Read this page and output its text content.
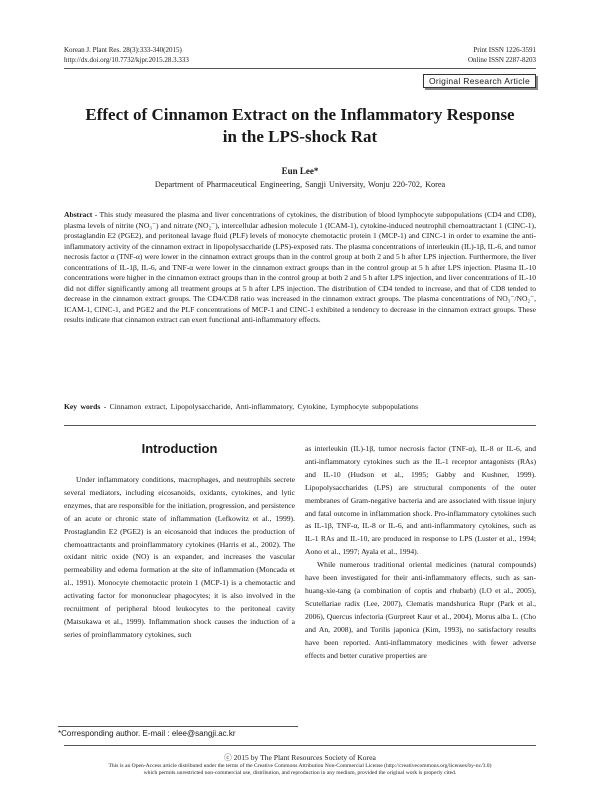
Korean J. Plant Res. 28(3):333-340(2015)
http://dx.doi.org/10.7732/kjpr.2015.28.3.333
Print ISSN 1226-3591
Online ISSN 2287-8203
Original Research Article
Effect of Cinnamon Extract on the Inflammatory Response
in the LPS-shock Rat
Eun Lee*
Department of Pharmaceutical Engineering, Sangji University, Wonju 220-702, Korea
Abstract - This study measured the plasma and liver concentrations of cytokines, the distribution of blood lymphocyte subpopulations (CD4 and CD8), plasma levels of nitrite (NO₃⁻) and nitrate (NO₂⁻), intercellular adhesion molecule 1 (ICAM-1), cytokine-induced neutrophil chemoattractant 1 (CINC-1), prostaglandin E2 (PGE2), and peritoneal lavage fluid (PLF) levels of monocyte chemotactic protein 1 (MCP-1) and CINC-1 in order to examine the anti-inflammatory activity of the cinnamon extract in lipopolysaccharide (LPS)-exposed rats. The plasma concentrations of interleukin (IL)-1β, IL-6, and tumor necrosis factor α (TNF-α) were lower in the cinnamon extract groups than in the control group at both 2 and 5 h after LPS injection. Furthermore, the liver concentrations of IL-1β, IL-6, and TNF-α were lower in the cinnamon extract groups than in the control group at 5 h after LPS injection. Plasma IL-10 concentrations were higher in the cinnamon extract groups than in the control group at both 2 and 5 h after LPS injection, and liver concentrations of IL-10 did not differ significantly among all treatment groups at 5 h after LPS injection. The distribution of CD4 tended to increase, and that of CD8 tended to decrease in the cinnamon extract groups. The CD4/CD8 ratio was increased in the cinnamon extract groups. The plasma concentrations of NO₃⁻/NO₂⁻, ICAM-1, CINC-1, and PGE2 and the PLF concentrations of MCP-1 and CINC-1 exhibited a tendency to decrease in the cinnamon extract groups. These results indicate that cinnamon extract can exert functional anti-inflammatory effects.
Key words - Cinnamon extract, Lipopolysaccharide, Anti-inflammatory, Cytokine, Lymphocyte subpopulations
Introduction

Under inflammatory conditions, macrophages, and neutrophils secrete several mediators, including eicosanoids, oxidants, cytokines, and lytic enzymes, that are responsible for the initiation, progression, and persistence of an acute or chronic state of inflammation (Lefkowitz et al., 1999). Prostaglandin E2 (PGE2) is an eicosanoid that induces the production of chemoattractants and proinflammatory cytokines (Harris et al., 2002). The oxidant nitric oxide (NO) is an expander, and increases the vascular permeability and edema formation at the site of inflammation (Moncada et al., 1991). Monocyte chemotactic protein 1 (MCP-1) is a chemotactic and activating factor for mononuclear phagocytes; it is also involved in the recruitment of peripheral blood leukocytes to the peritoneal cavity (Matsukawa et al., 1999). Inflammation shock causes the induction of a series of proinflammatory cytokines, such

as interleukin (IL)-1β, tumor necrosis factor (TNF-α), IL-8 or IL-6, and anti-inflammatory cytokines such as the IL-1 receptor antagonists (RAs) and IL-10 (Hudson et al., 1995; Gabby and Kushner, 1999). Lipopolysaccharides (LPS) are structural components of the outer membranes of Gram-negative bacteria and are associated with tissue injury and fatal outcome in inflammation shock. Pro-inflammatory cytokines such as IL-1β, TNF-α, IL-8 or IL-6, and anti-inflammatory cytokines, such as IL-1 RAs and IL-10, are produced in response to LPS (Luster et al., 1994; Aono et al., 1997; Ayala et al., 1994).

While numerous traditional oriental medicines (natural compounds) have been investigated for their anti-inflammatory effects, such as san-huang-xie-tang (a combination of coptis and rhubarb) (LO et al., 2005), Scutellariae radix (Lee, 2007), Clematis mandshurica Rupr (Park et al., 2006), Quercus infectoria (Gurpreet Kaur et al., 2004), Morus alba L. (Cho and An, 2008), and Torilis japonica (Kim, 1993), no satisfactory results have been reported. Anti-inflammatory medicines with fewer adverse effects and better curative properties are

*Corresponding author. E-mail : elee@sangji.ac.kr
ⓒ 2015 by The Plant Resources Society of Korea
This is an Open-Access article distributed under the terms of the Creative Commons Attribution Non-Commercial License (http://creativecommons.org/licenses/by-nc/3.0)
which permits unrestricted non-commercial use, distribution, and reproduction in any medium, provided the original work is properly cited.
